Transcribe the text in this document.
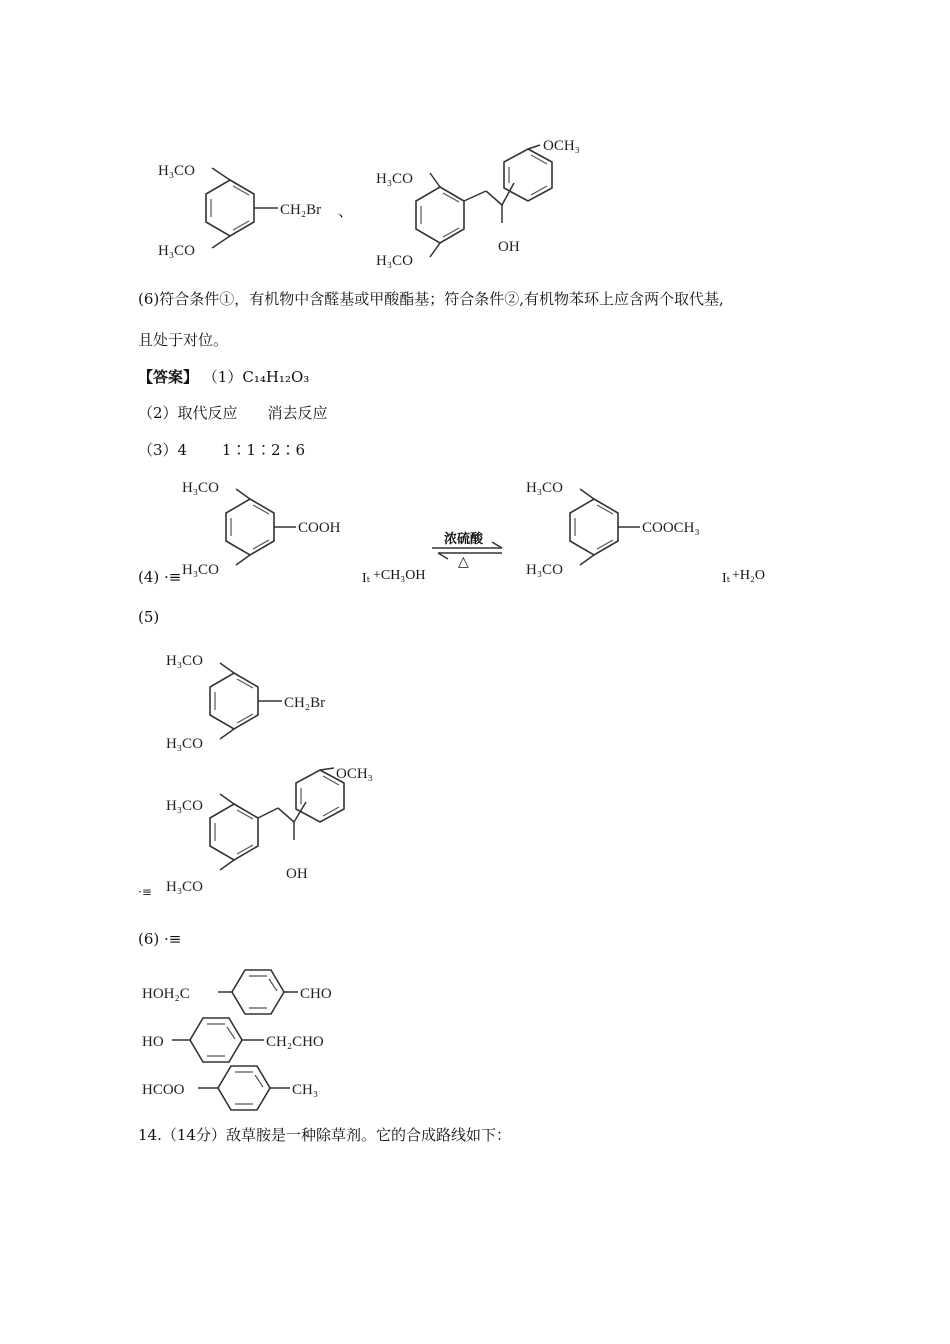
H₃CO
H₃CO
CH₂Br 、
H₃CO
H₃CO
OCH₃
OH
(6)符合条件①，有机物中含醛基或甲酸酯基；符合条件②,有机物苯环上应含两个取代基,
且处于对位。
【答案】 （1）C₁₄H₁₂O₃
（2）取代反应　　消去反应
（3）4　　 1∶1∶2∶6
(4) ·≡
H₃CO
H₃CO
COOH
Iₜ +CH₃OH
浓硫酸
△
H₃CO
H₃CO
COOCH₃
Iₜ +H₂O
(5)
H₃CO
H₃CO
CH₂Br
H₃CO
H₃CO
OCH₃
OH
·≡
(6) ·≡
HOH₂C	CHO
HO	CH₂CHO
HCOO	CH₃
14.（14分）敌草胺是一种除草剂。它的合成路线如下：
